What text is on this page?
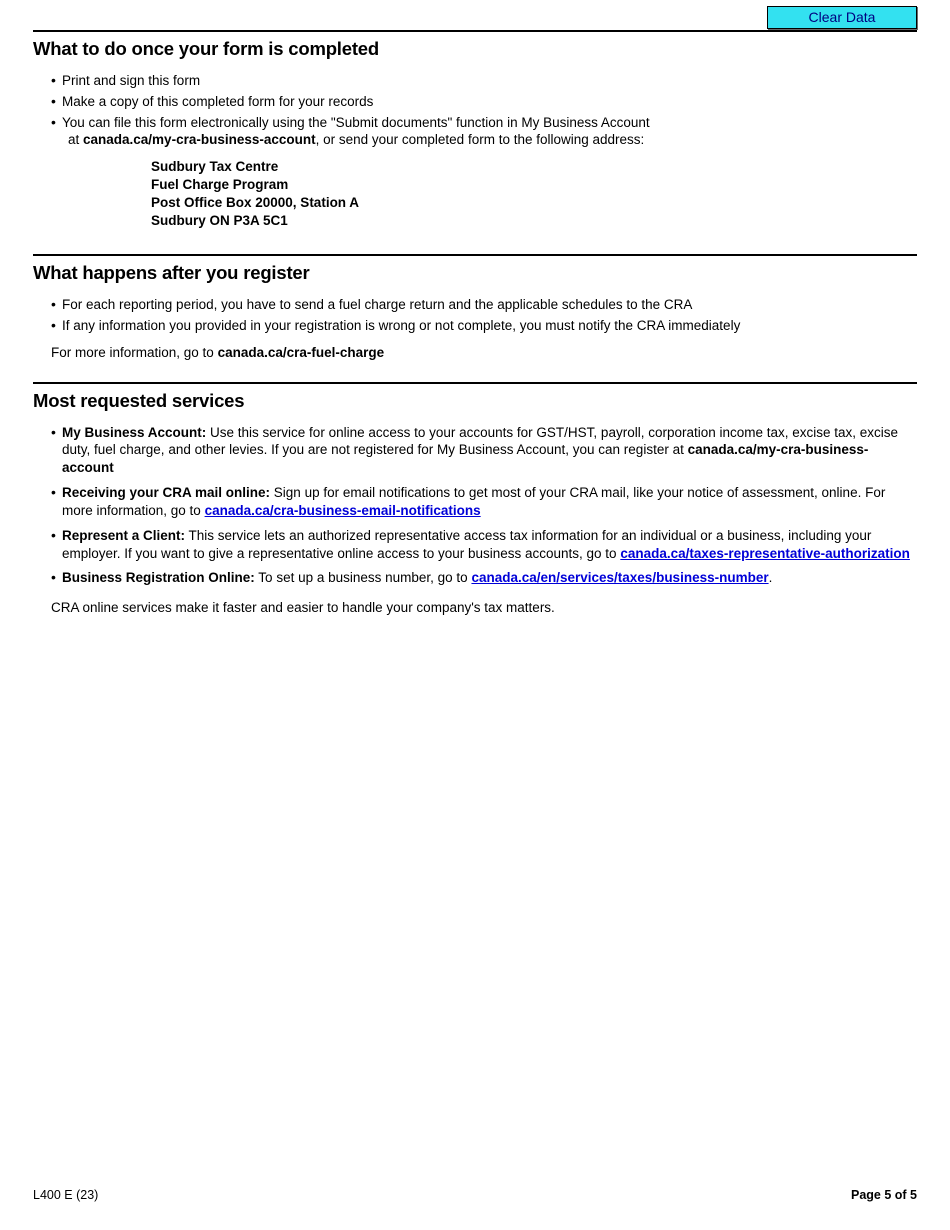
Clear Data
What to do once your form is completed
• Print and sign this form
• Make a copy of this completed form for your records
• You can file this form electronically using the "Submit documents" function in My Business Account
at canada.ca/my-cra-business-account, or send your completed form to the following address:
Sudbury Tax Centre
Fuel Charge Program
Post Office Box 20000, Station A
Sudbury ON P3A 5C1
What happens after you register
• For each reporting period, you have to send a fuel charge return and the applicable schedules to the CRA
• If any information you provided in your registration is wrong or not complete, you must notify the CRA immediately
For more information, go to canada.ca/cra-fuel-charge
Most requested services
• My Business Account: Use this service for online access to your accounts for GST/HST, payroll, corporation income tax, excise tax, excise duty, fuel charge, and other levies. If you are not registered for My Business Account, you can register at canada.ca/my-cra-business-account
• Receiving your CRA mail online: Sign up for email notifications to get most of your CRA mail, like your notice of assessment, online. For more information, go to canada.ca/cra-business-email-notifications
• Represent a Client: This service lets an authorized representative access tax information for an individual or a business, including your employer. If you want to give a representative online access to your business accounts, go to canada.ca/taxes-representative-authorization
• Business Registration Online: To set up a business number, go to canada.ca/en/services/taxes/business-number.
CRA online services make it faster and easier to handle your company's tax matters.
L400 E (23)	Page 5 of 5
